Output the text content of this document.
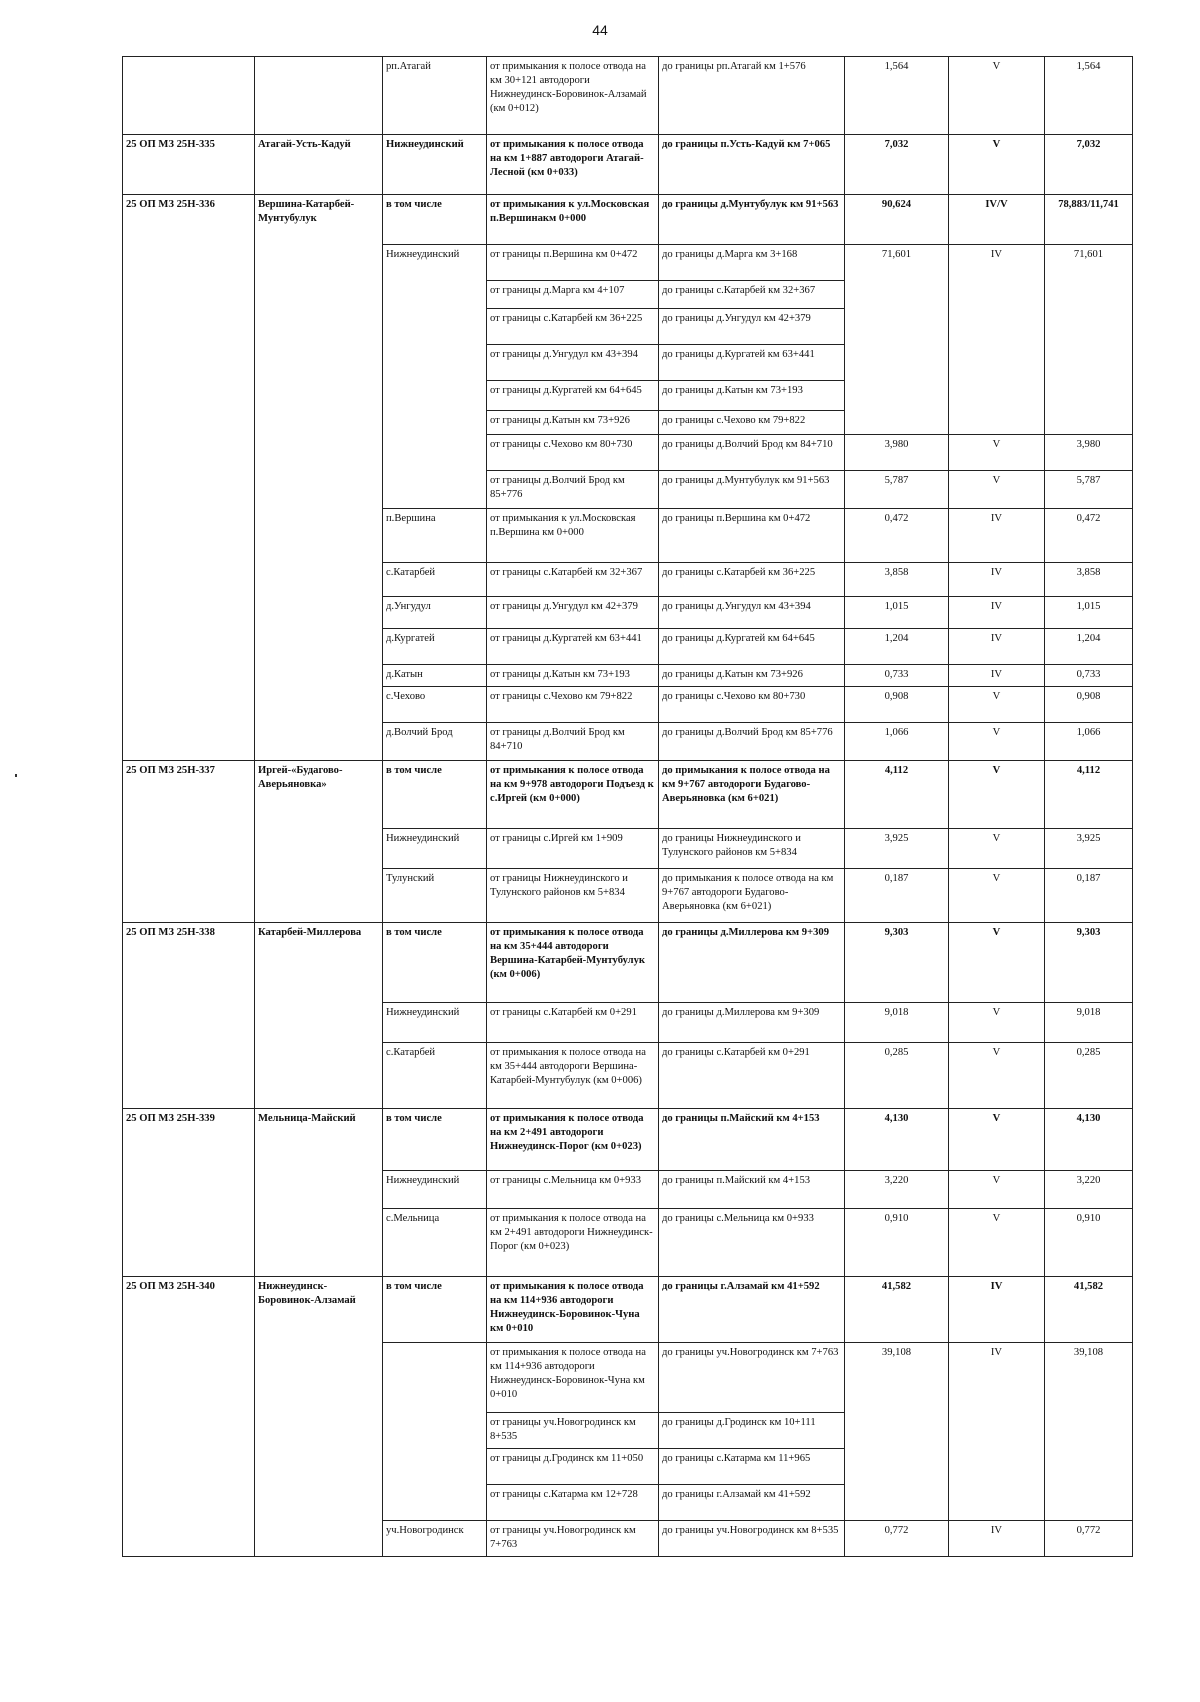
44
		рп.Атагай	от примыкания к полосе отвода на км 30+121 автодороги Нижнеудинск-Боровинок-Алзамай (км 0+012)	до границы рп.Атагай км 1+576	1,564	V	1,564
25 ОП МЗ 25Н-335	Атагай-Усть-Кадуй	Нижнеудинский	от примыкания к полосе отвода на км 1+887 автодороги Атагай-Лесной (км 0+033)	до границы п.Усть-Кадуй км 7+065	7,032	V	7,032
25 ОП МЗ 25Н-336	Вершина-Катарбей-Мунтубулук	в том числе	от примыкания к ул.Московская п.Вершинакм 0+000	до границы д.Мунтубулук км 91+563	90,624	IV/V	78,883/11,741
		Нижнеудинский	от границы п.Вершина км 0+472	до границы д.Марга км 3+168	71,601	IV	71,601
			от границы д.Марга км 4+107	до границы с.Катарбей км 32+367			
			от границы с.Катарбей км 36+225	до границы д.Унгудул км 42+379			
			от границы д.Унгудул км 43+394	до границы д.Кургатей км 63+441			
			от границы д.Кургатей км 64+645	до границы д.Катын км 73+193			
			от границы д.Катын км 73+926	до границы с.Чехово км 79+822			
			от границы с.Чехово км 80+730	до границы д.Волчий Брод км 84+710	3,980	V	3,980
			от границы д.Волчий Брод км 85+776	до границы д.Мунтубулук км 91+563	5,787	V	5,787
		п.Вершина	от примыкания к ул.Московская п.Вершина км 0+000	до границы п.Вершина км 0+472	0,472	IV	0,472
		с.Катарбей	от границы с.Катарбей км 32+367	до границы с.Катарбей км 36+225	3,858	IV	3,858
		д.Унгудул	от границы д.Унгудул км 42+379	до границы д.Унгудул км 43+394	1,015	IV	1,015
		д.Кургатей	от границы д.Кургатей км 63+441	до границы д.Кургатей км 64+645	1,204	IV	1,204
		д.Катын	от границы д.Катын км 73+193	до границы д.Катын км 73+926	0,733	IV	0,733
		с.Чехово	от границы с.Чехово км 79+822	до границы с.Чехово км 80+730	0,908	V	0,908
		д.Волчий Брод	от границы д.Волчий Брод км 84+710	до границы д.Волчий Брод км 85+776	1,066	V	1,066
25 ОП МЗ 25Н-337	Иргей-«Будагово-Аверьяновка»	в том числе	от примыкания к полосе отвода на км 9+978 автодороги Подъезд к с.Иргей (км 0+000)	до примыкания к полосе отвода на км 9+767 автодороги Будагово-Аверьяновка (км 6+021)	4,112	V	4,112
		Нижнеудинский	от границы с.Иргей км 1+909	до границы Нижнеудинского и Тулунского районов км 5+834	3,925	V	3,925
		Тулунский	от границы Нижнеудинского и Тулунского районов км 5+834	до примыкания к полосе отвода на км 9+767 автодороги Будагово-Аверьяновка (км 6+021)	0,187	V	0,187
25 ОП МЗ 25Н-338	Катарбей-Миллерова	в том числе	от примыкания к полосе отвода на км 35+444 автодороги Вершина-Катарбей-Мунтубулук (км 0+006)	до границы д.Миллерова км 9+309	9,303	V	9,303
		Нижнеудинский	от границы с.Катарбей км 0+291	до границы д.Миллерова км 9+309	9,018	V	9,018
		с.Катарбей	от примыкания к полосе отвода на км 35+444 автодороги Вершина-Катарбей-Мунтубулук (км 0+006)	до границы с.Катарбей км 0+291	0,285	V	0,285
25 ОП МЗ 25Н-339	Мельница-Майский	в том числе	от примыкания к полосе отвода на км 2+491 автодороги Нижнеудинск-Порог (км 0+023)	до границы п.Майский км 4+153	4,130	V	4,130
		Нижнеудинский	от границы с.Мельница км 0+933	до границы п.Майский км 4+153	3,220	V	3,220
		с.Мельница	от примыкания к полосе отвода на км 2+491 автодороги Нижнеудинск-Порог (км 0+023)	до границы с.Мельница км 0+933	0,910	V	0,910
25 ОП МЗ 25Н-340	Нижнеудинск-Боровинок-Алзамай	в том числе	от примыкания к полосе отвода на км 114+936 автодороги Нижнеудинск-Боровинок-Чуна км 0+010	до границы г.Алзамай км 41+592	41,582	IV	41,582
			от примыкания к полосе отвода на км 114+936 автодороги Нижнеудинск-Боровинок-Чуна км 0+010	до границы уч.Новогродинск км 7+763	39,108	IV	39,108
			от границы уч.Новогродинск км 8+535	до границы д.Гродинск км 10+111			
			от границы д.Гродинск км 11+050	до границы с.Катарма км 11+965			
			от границы с.Катарма км 12+728	до границы г.Алзамай км 41+592			
		уч.Новогродинск	от границы уч.Новогродинск км 7+763	до границы уч.Новогродинск км 8+535	0,772	IV	0,772
